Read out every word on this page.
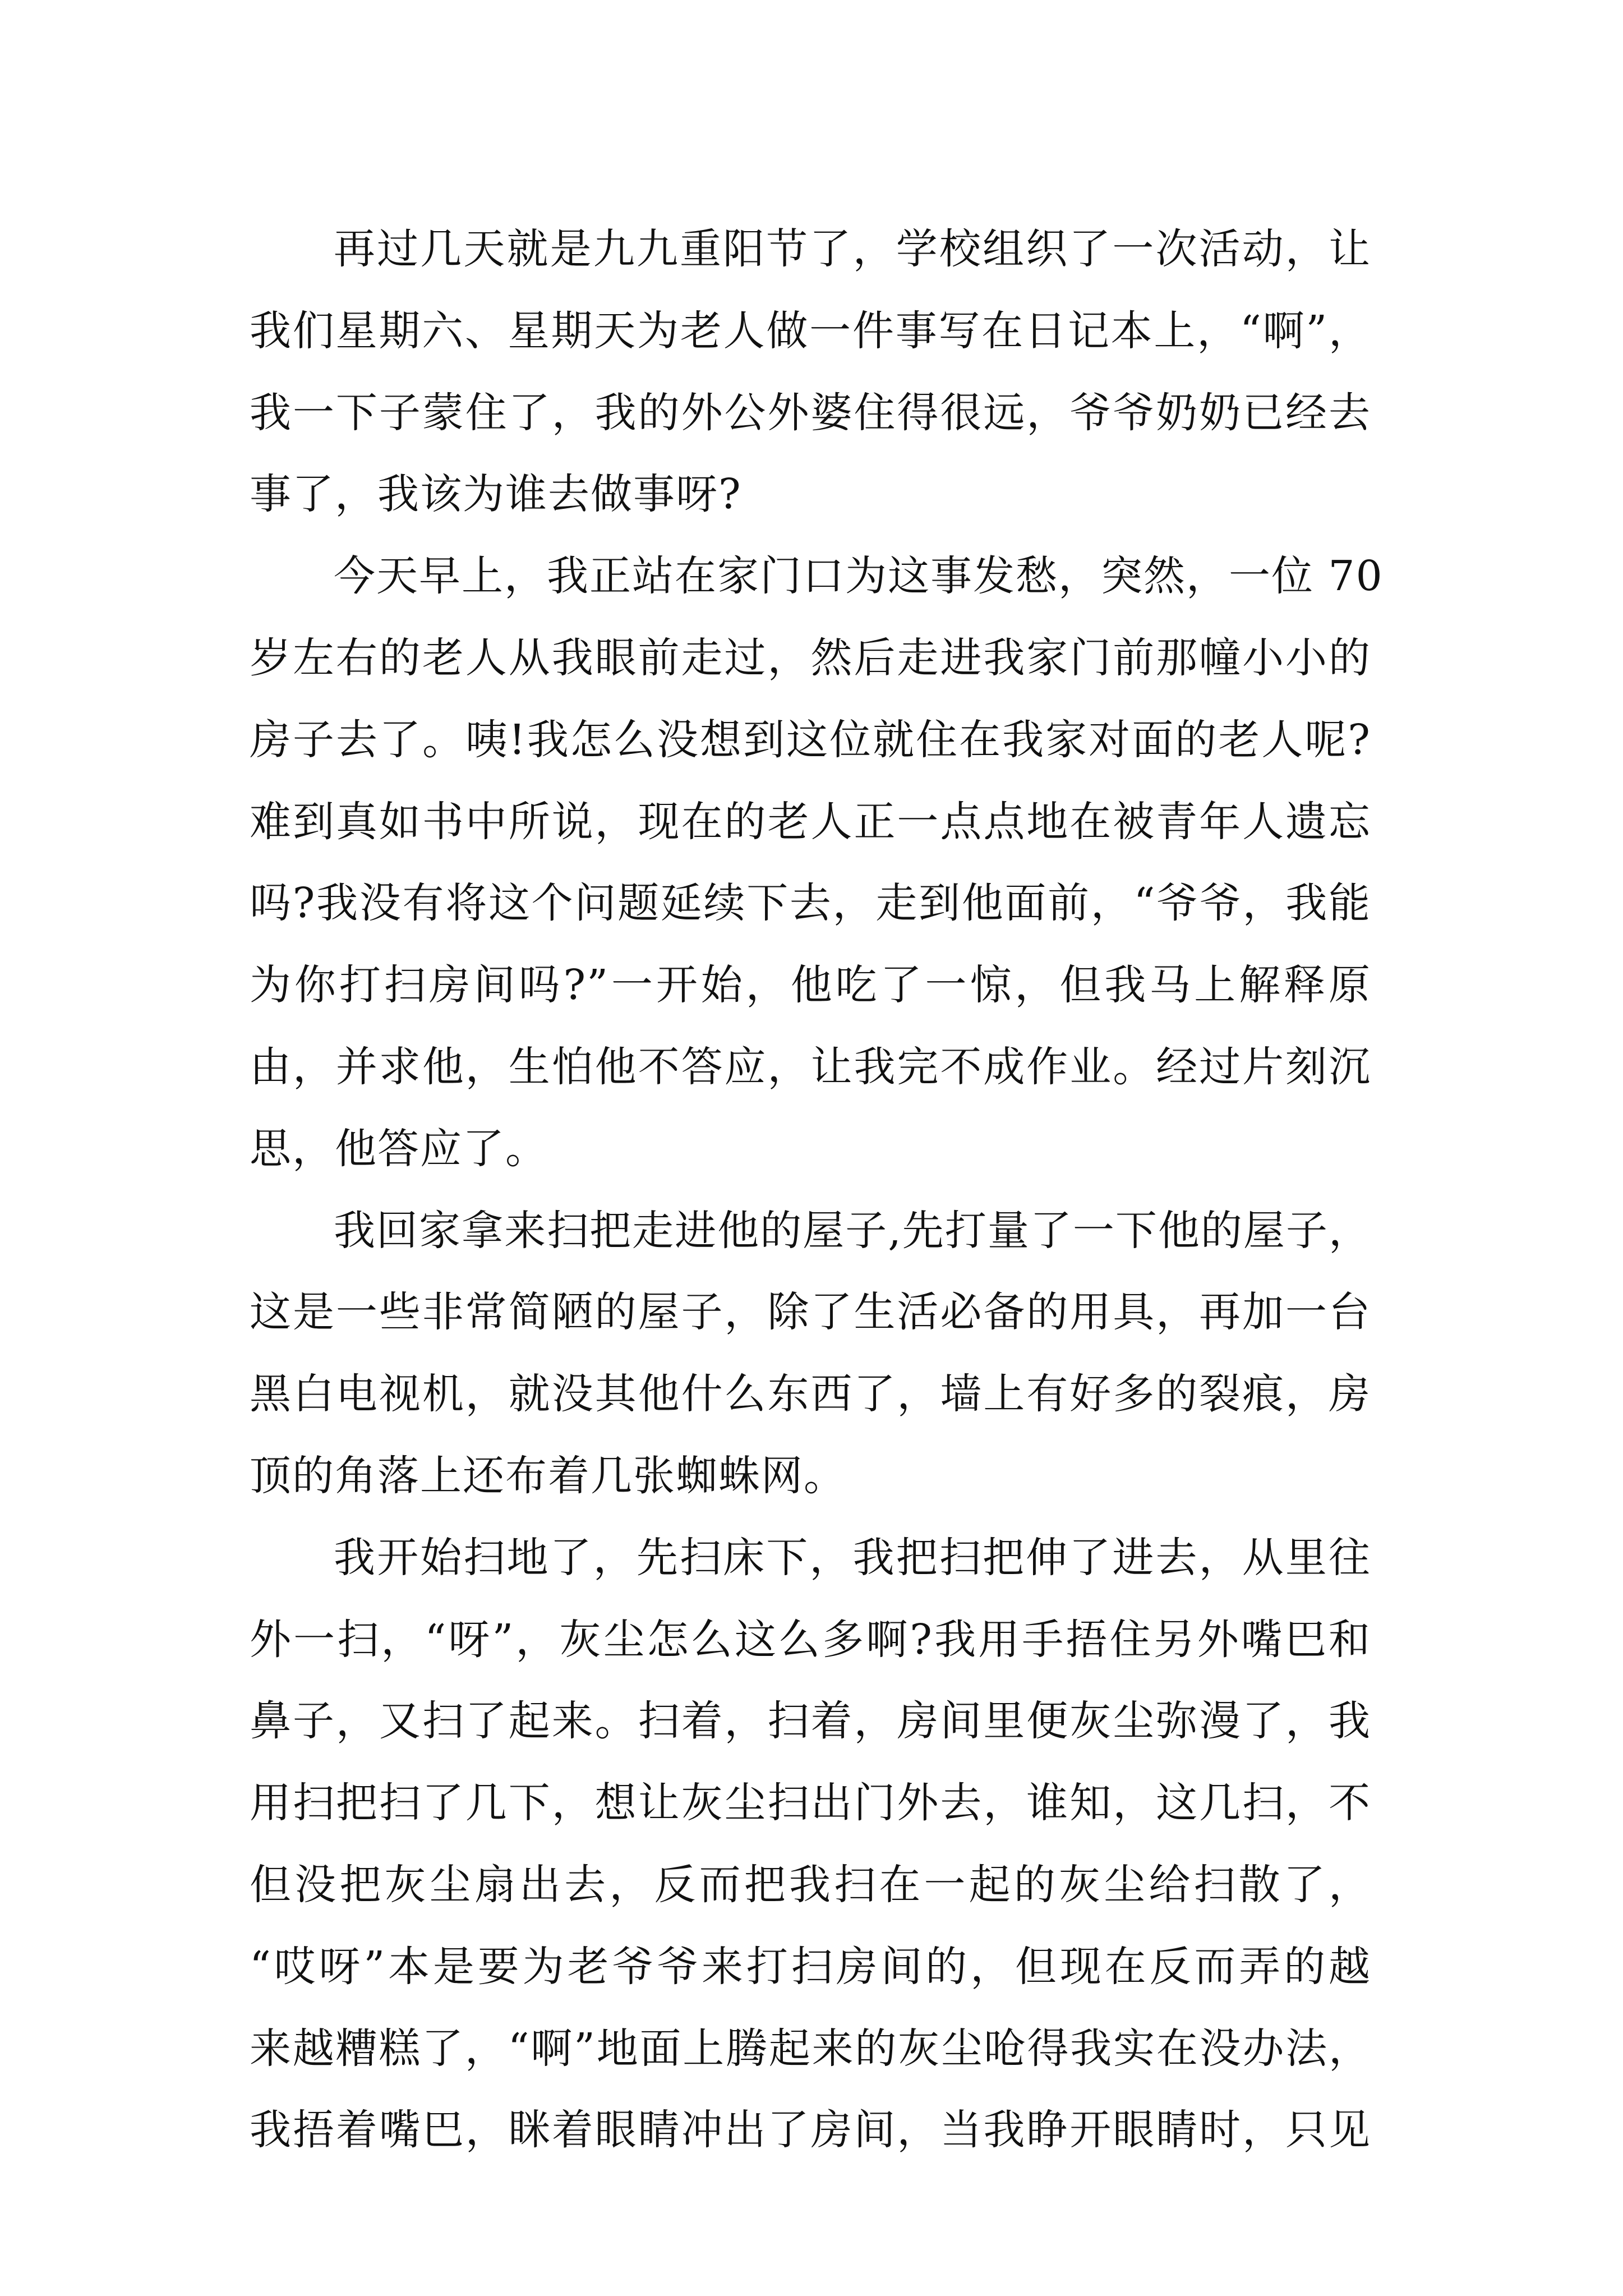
再过几天就是九九重阳节了，学校组织了一次活动，让
我们星期六、星期天为老人做一件事写在日记本上，“啊”，
我一下子蒙住了，我的外公外婆住得很远，爷爷奶奶已经去
事了，我该为谁去做事呀?
今天早上，我正站在家门口为这事发愁，突然，一位 70
岁左右的老人从我眼前走过，然后走进我家门前那幢小小的
房子去了。咦!我怎么没想到这位就住在我家对面的老人呢?
难到真如书中所说，现在的老人正一点点地在被青年人遗忘
吗?我没有将这个问题延续下去，走到他面前，“爷爷，我能
为你打扫房间吗?”一开始，他吃了一惊，但我马上解释原
由，并求他，生怕他不答应，让我完不成作业。经过片刻沉
思，他答应了。
我回家拿来扫把走进他的屋子,先打量了一下他的屋子，
这是一些非常简陋的屋子，除了生活必备的用具，再加一台
黑白电视机，就没其他什么东西了，墙上有好多的裂痕，房
顶的角落上还布着几张蜘蛛网。
我开始扫地了，先扫床下，我把扫把伸了进去，从里往
外一扫，“呀”，灰尘怎么这么多啊?我用手捂住另外嘴巴和
鼻子，又扫了起来。扫着，扫着，房间里便灰尘弥漫了，我
用扫把扫了几下，想让灰尘扫出门外去，谁知，这几扫，不
但没把灰尘扇出去，反而把我扫在一起的灰尘给扫散了，
“哎呀”本是要为老爷爷来打扫房间的，但现在反而弄的越
来越糟糕了，“啊”地面上腾起来的灰尘呛得我实在没办法，
我捂着嘴巴，眯着眼睛冲出了房间，当我睁开眼睛时，只见
